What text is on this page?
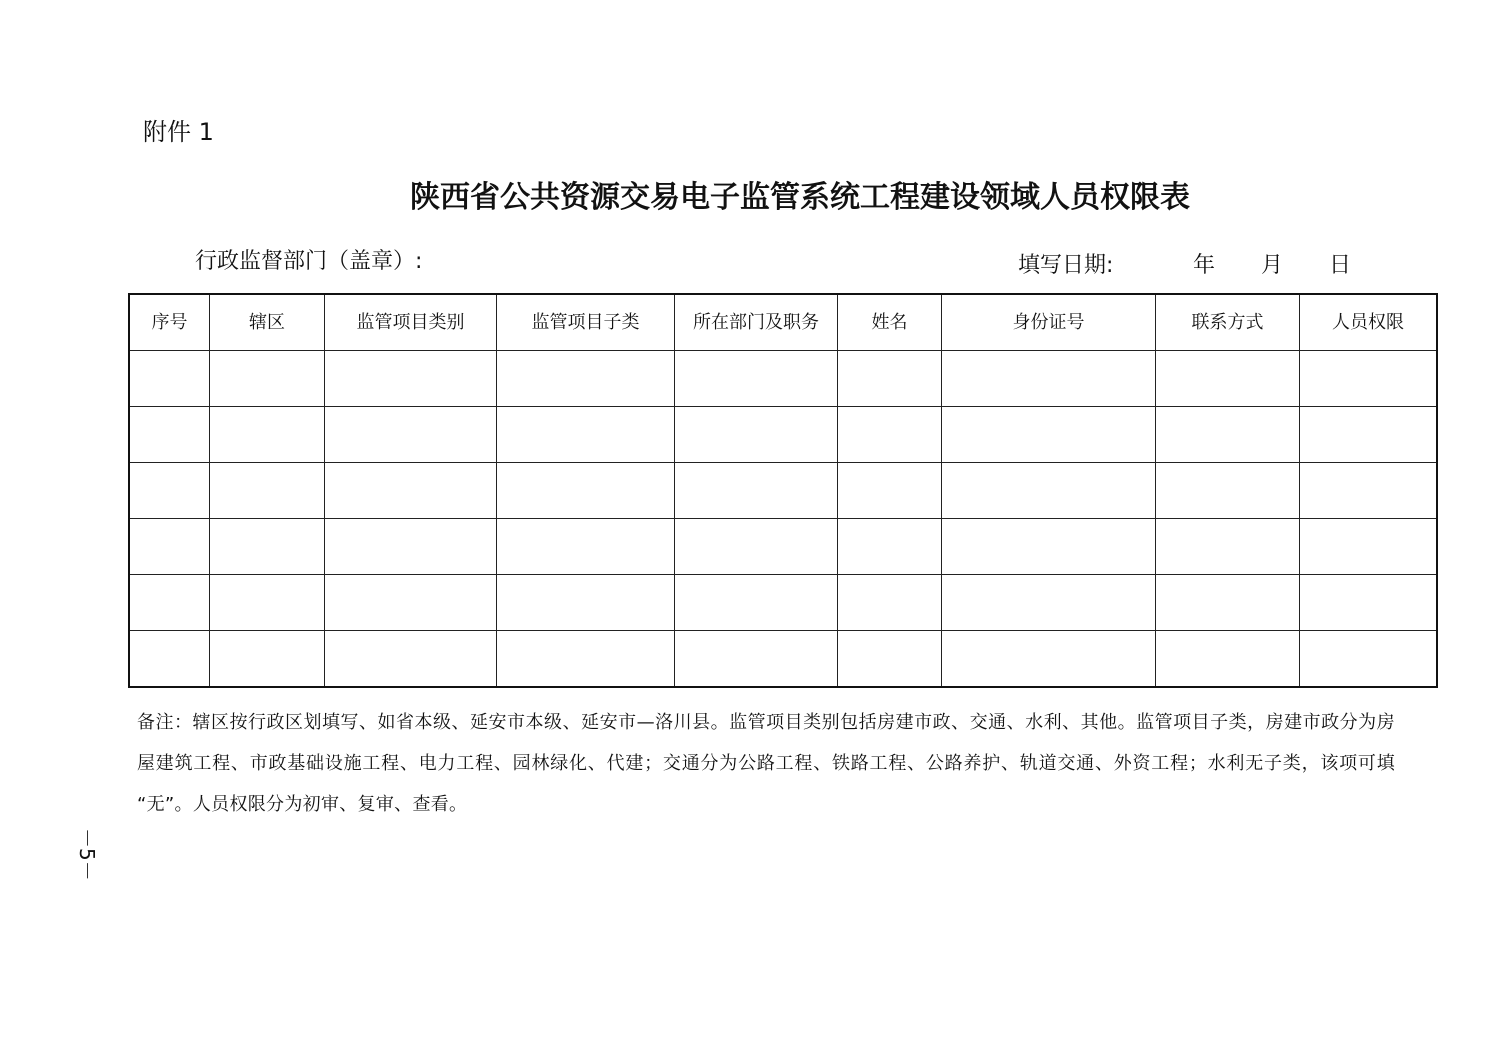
附件 1
陕西省公共资源交易电子监管系统工程建设领域人员权限表
行政监督部门（盖章）:	填写日期:	年	月	日
序号	辖区	监管项目类别	监管项目子类	所在部门及职务	姓名	身份证号	联系方式	人员权限

备注：辖区按行政区划填写、如省本级、延安市本级、延安市—洛川县。监管项目类别包括房建市政、交通、水利、其他。监管项目子类，房建市政分为房屋建筑工程、市政基础设施工程、电力工程、园林绿化、代建；交通分为公路工程、铁路工程、公路养护、轨道交通、外资工程；水利无子类，该项可填 “无”。人员权限分为初审、复审、查看。
－5－
